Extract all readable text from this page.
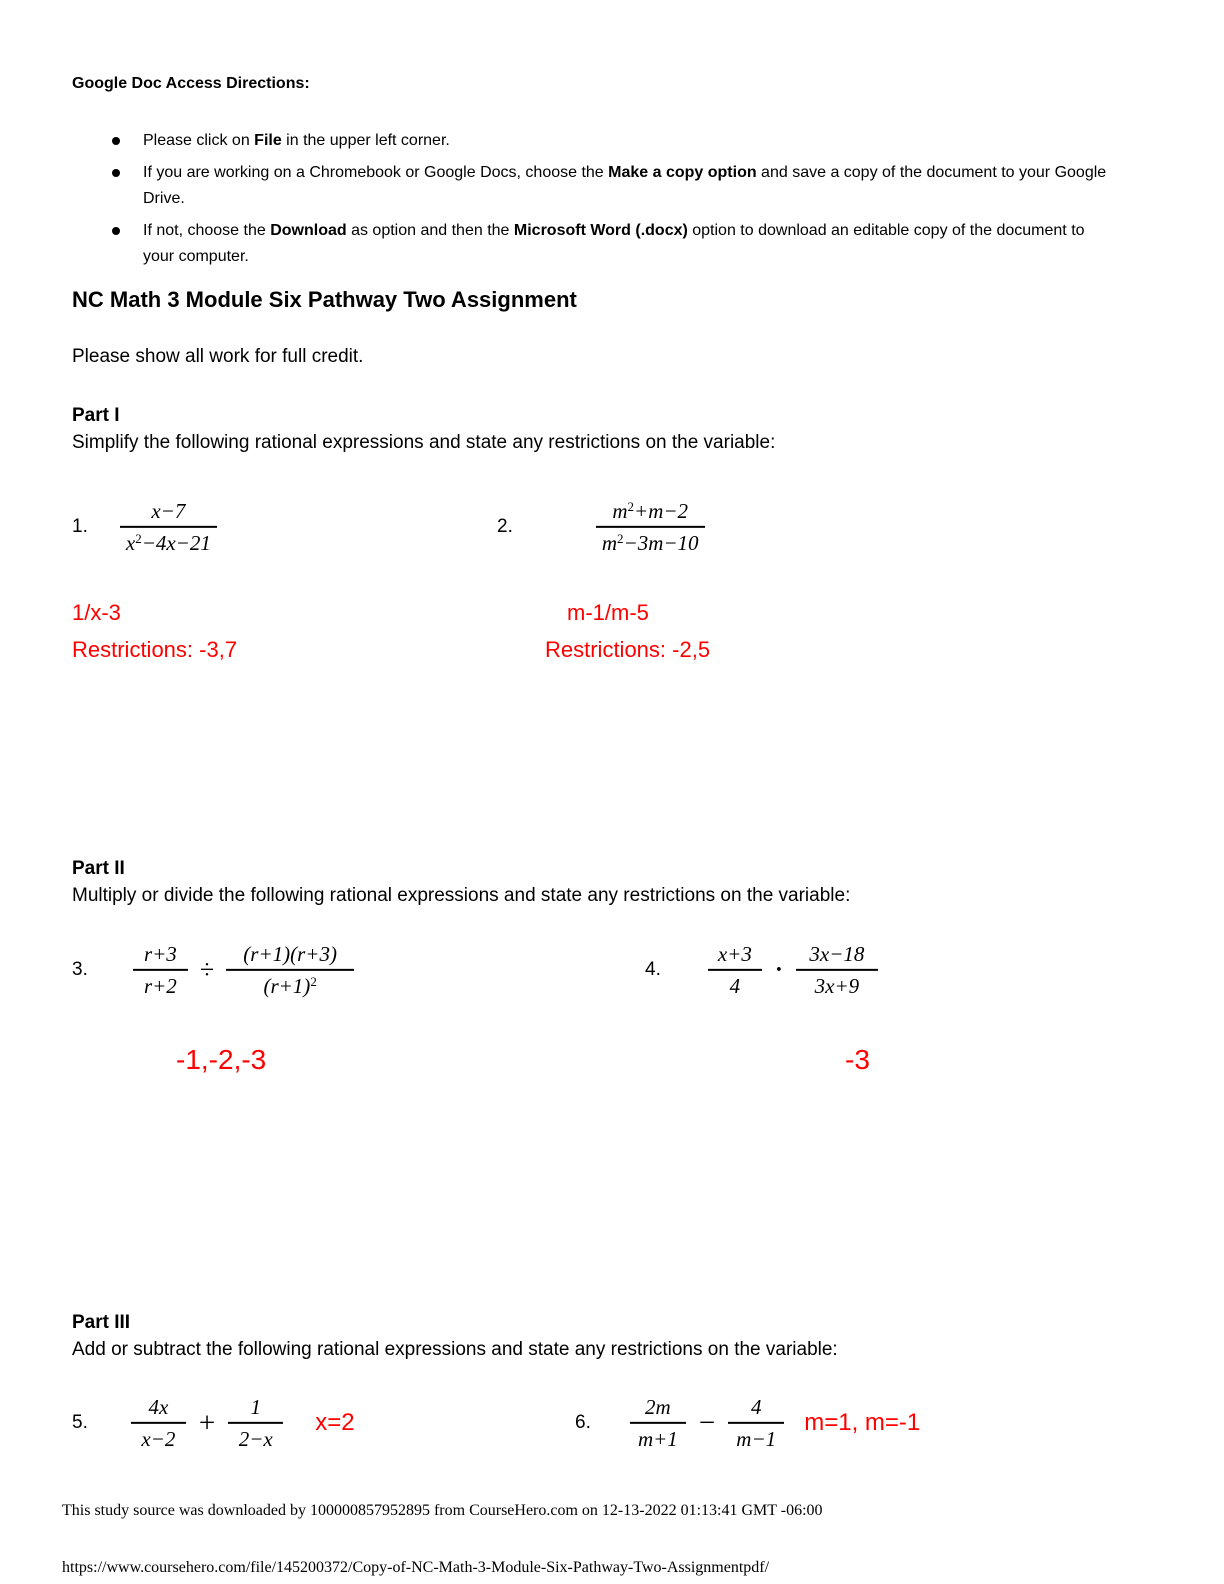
Google Doc Access Directions:
Please click on File in the upper left corner.
If you are working on a Chromebook or Google Docs, choose the Make a copy option and save a copy of the document to your Google Drive.
If not, choose the Download as option and then the Microsoft Word (.docx) option to download an editable copy of the document to your computer.
NC Math 3 Module Six Pathway Two Assignment
Please show all work for full credit.
Part I
Simplify the following rational expressions and state any restrictions on the variable:
1. $\frac{x-7}{x^2-4x-21}$	2.	$\frac{m^2+m-2}{m^2-3m-10}$
1/x-3
Restrictions: -3,7
m-1/m-5
Restrictions: -2,5
Part II
Multiply or divide the following rational expressions and state any restrictions on the variable:
3. $\frac{r+3}{r+2} \div \frac{(r+1)(r+3)}{(r+1)^2}$	4. $\frac{x+3}{4} \cdot \frac{3x-18}{3x+9}$
-1,-2,-3	-3
Part III
Add or subtract the following rational expressions and state any restrictions on the variable:
5. $\frac{4x}{x-2} + \frac{1}{2-x} x=2$	6. $\frac{2m}{m+1} - \frac{4}{m-1} m=1$, m=-1
This study source was downloaded by 100000857952895 from CourseHero.com on 12-13-2022 01:13:41 GMT -06:00
https://www.coursehero.com/file/145200372/Copy-of-NC-Math-3-Module-Six-Pathway-Two-Assignmentpdf/
